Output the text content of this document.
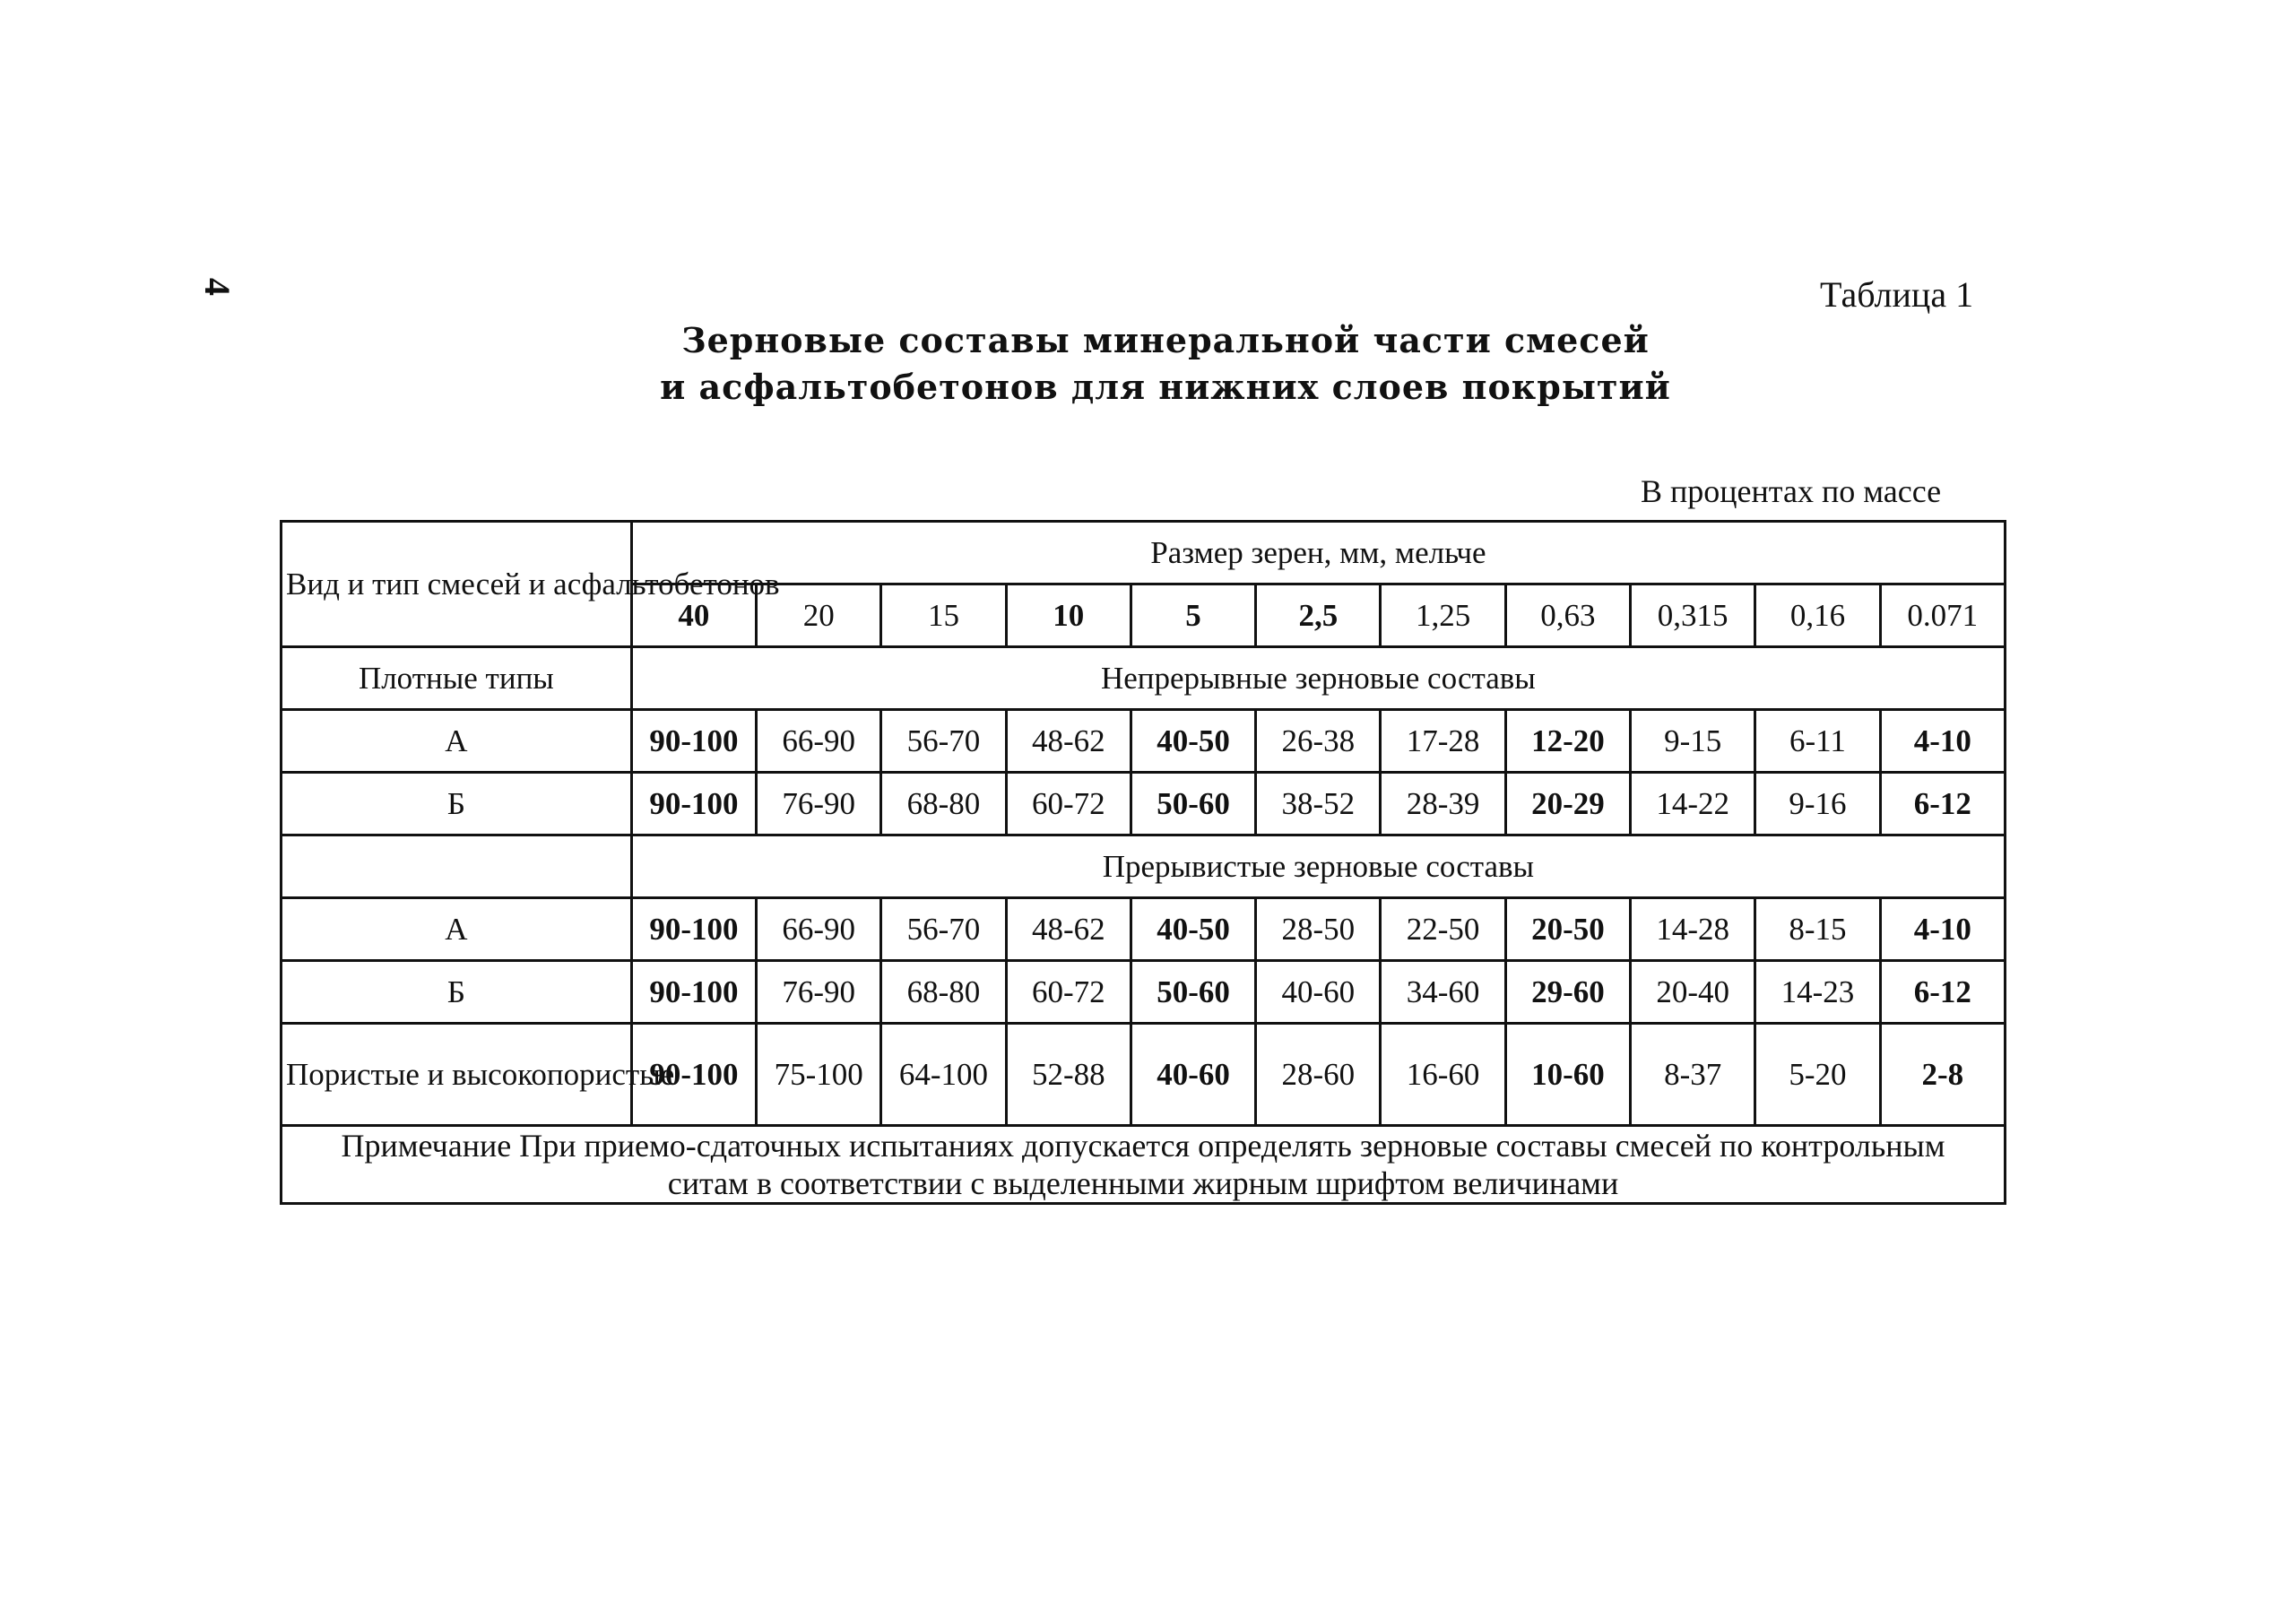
4	Таблица 1
Зерновые составы минеральной части смесей
и асфальтобетонов для нижних слоев покрытий
В процентах по массе
Вид и тип смесей и асфальтобетонов	Размер зерен, мм, мельче										
	40	20	15	10	5	2,5	1,25	0,63	0,315	0,16	0.071
Плотные типы	Непрерывные зерновые составы										
А	90-100	66-90	56-70	48-62	40-50	26-38	17-28	12-20	9-15	6-11	4-10
Б	90-100	76-90	68-80	60-72	50-60	38-52	28-39	20-29	14-22	9-16	6-12
	Прерывистые зерновые составы										
А	90-100	66-90	56-70	48-62	40-50	28-50	22-50	20-50	14-28	8-15	4-10
Б	90-100	76-90	68-80	60-72	50-60	40-60	34-60	29-60	20-40	14-23	6-12
Пористые и высокопористые	90-100	75-100	64-100	52-88	40-60	28-60	16-60	10-60	8-37	5-20	2-8

Примечание При приемо-сдаточных испытаниях допускается определять зерновые составы смесей по контрольным
ситам в соответствии с выделенными жирным шрифтом величинами											
